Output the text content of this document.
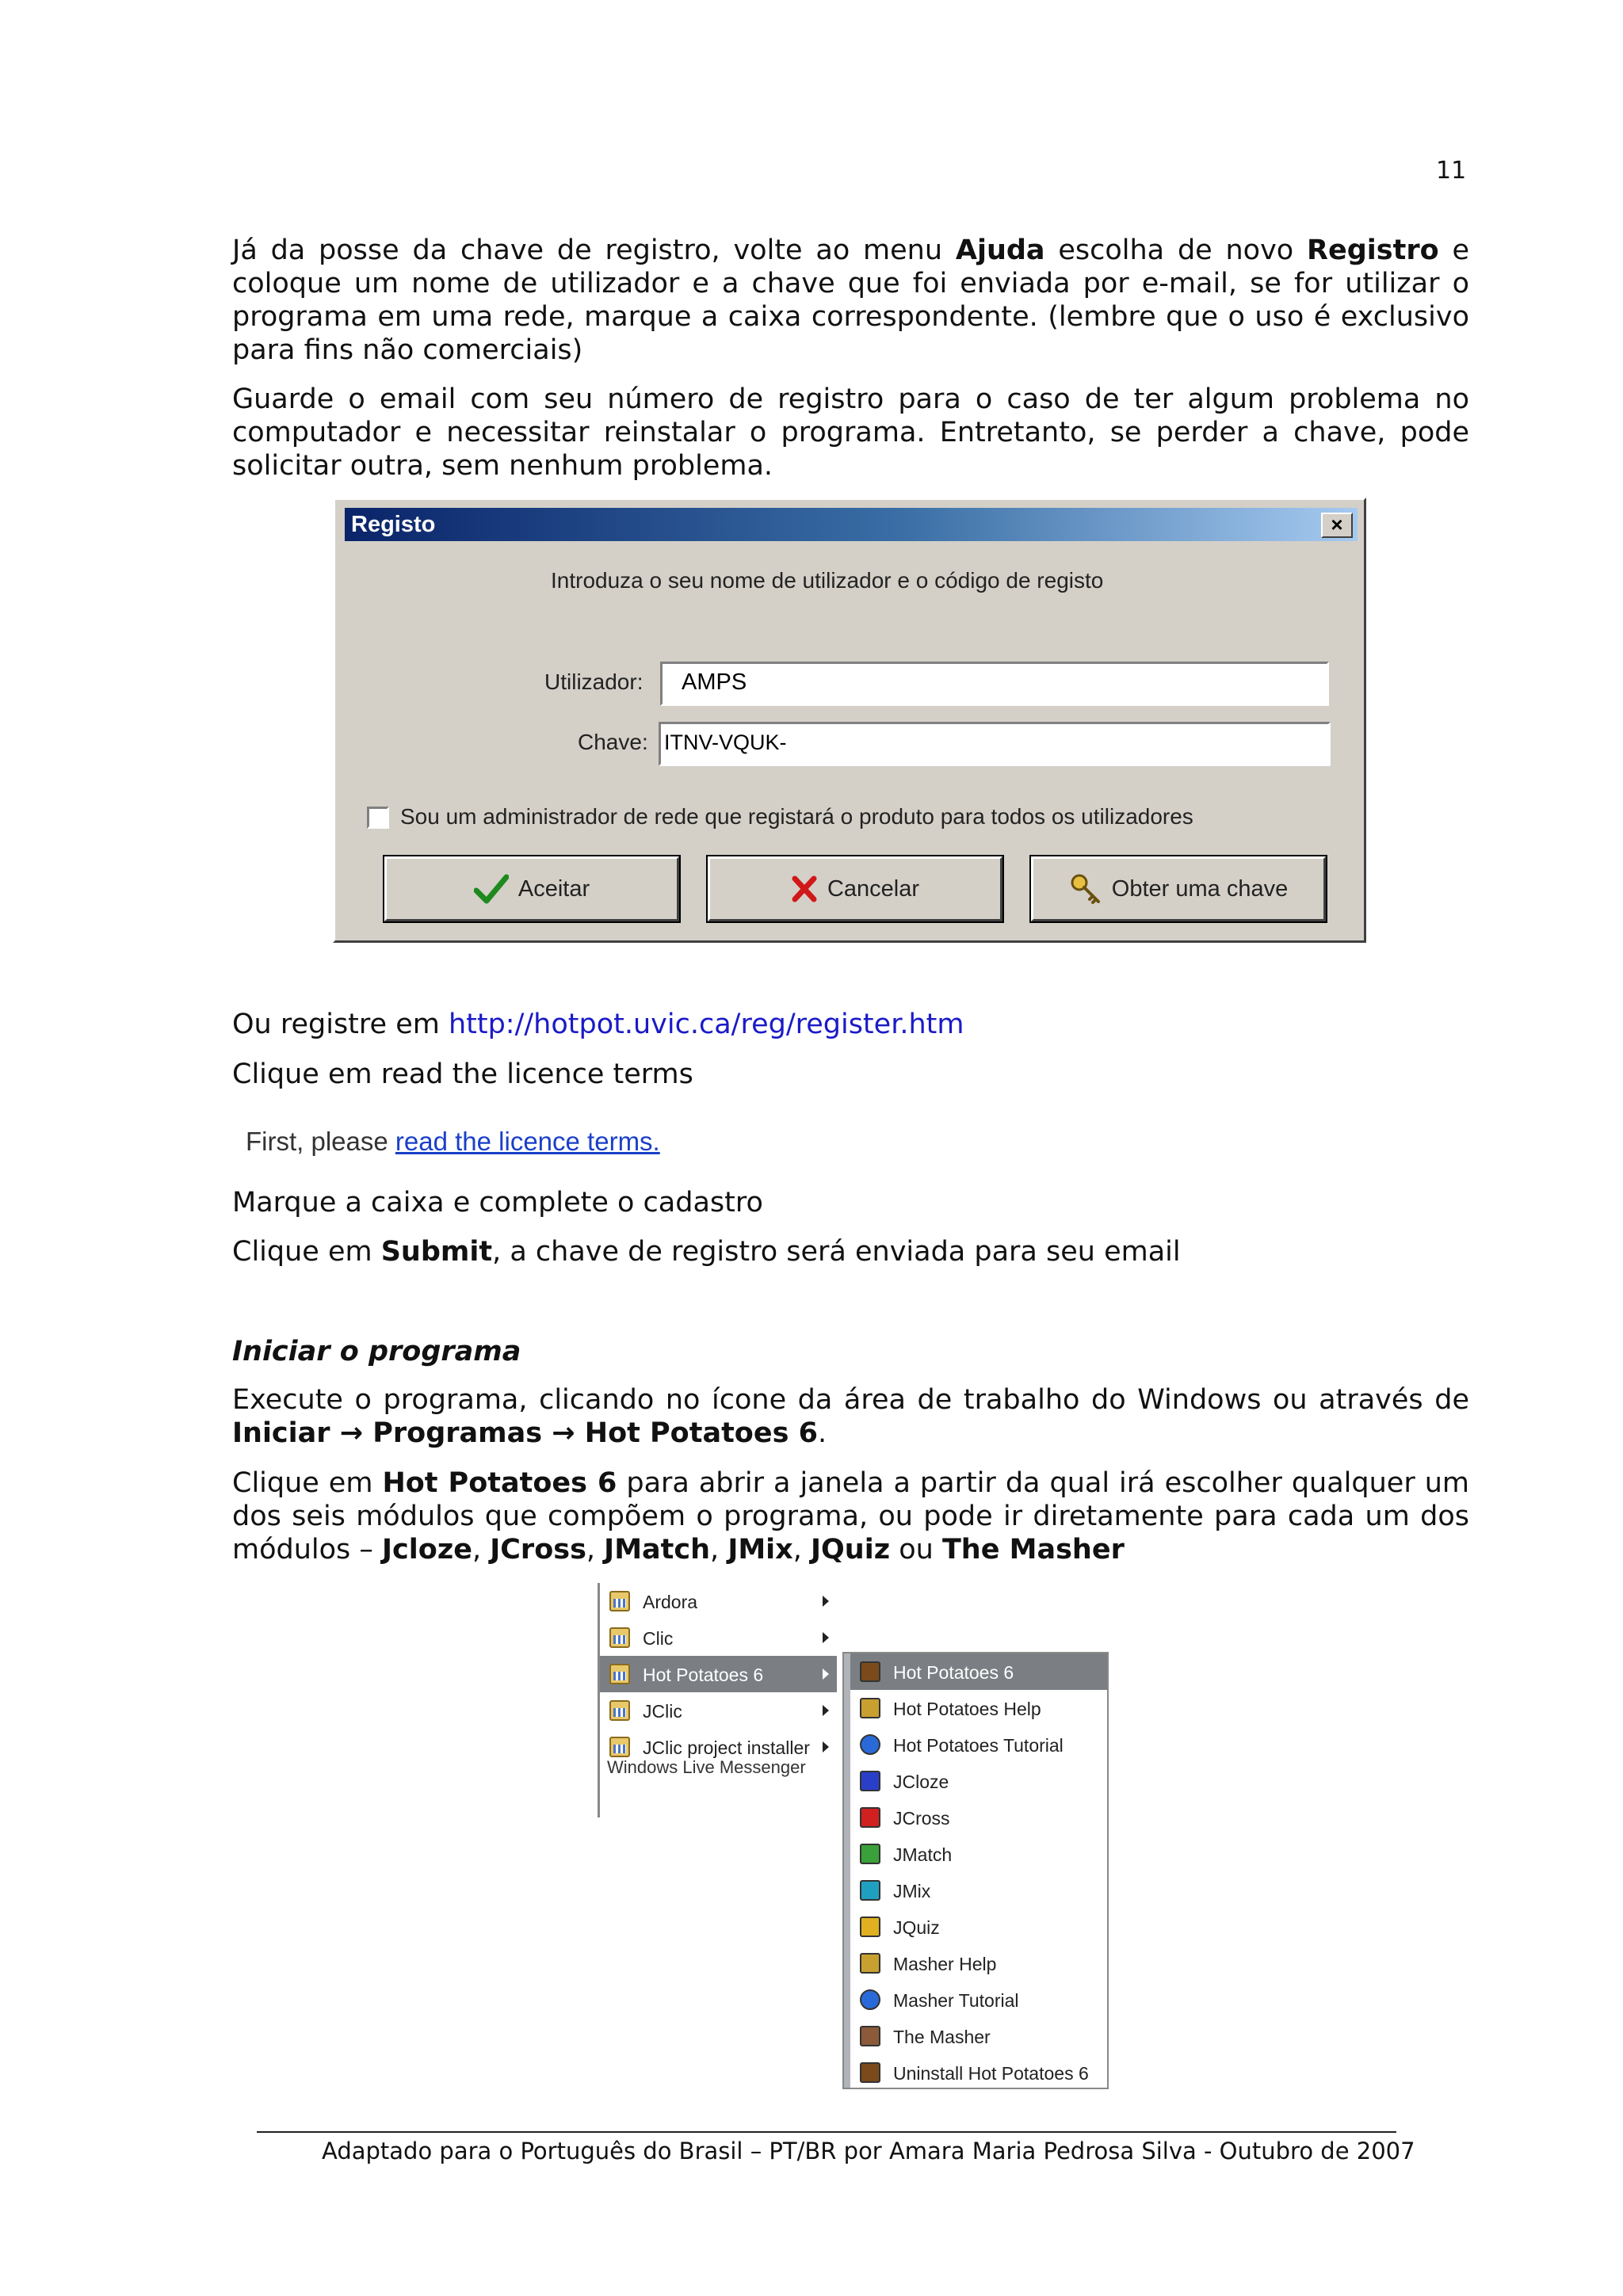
11

Já da posse da chave de registro, volte ao menu Ajuda escolha de novo Registro e coloque um nome de utilizador e a chave que foi enviada por e-mail, se for utilizar o programa em uma rede, marque a caixa correspondente. (lembre que o uso é exclusivo para fins não comerciais)

Guarde o email com seu número de registro para o caso de ter algum problema no computador e necessitar reinstalar o programa. Entretanto, se perder a chave, pode solicitar outra, sem nenhum problema.

Registo	×
Introduza o seu nome de utilizador e o código de registo
Utilizador:	AMPS
Chave: ITNV-VQUK-
Sou um administrador de rede que registará o produto para todos os utilizadores
Aceitar	Cancelar	Obter uma chave
Ou registre em http://hotpot.uvic.ca/reg/register.htm
Clique em read the licence terms
First, please read the licence terms.
Marque a caixa e complete o cadastro
Clique em Submit, a chave de registro será enviada para seu email
Iniciar o programa

Execute o programa, clicando no ícone da área de trabalho do Windows ou através de Iniciar → Programas → Hot Potatoes 6.

Clique em Hot Potatoes 6 para abrir a janela a partir da qual irá escolher qualquer um dos seis módulos que compõem o programa, ou pode ir diretamente para cada um dos módulos – Jcloze, JCross, JMatch, JMix, JQuiz ou The Masher

Ardora
Clic
Hot Potatoes 6
JClic
JClic project installer
Windows Live Messenger
Hot Potatoes 6
Hot Potatoes Help
Hot Potatoes Tutorial
JCloze
JCross
JMatch
JMix
JQuiz
Masher Help
Masher Tutorial
The Masher
Uninstall Hot Potatoes 6
Adaptado para o Português do Brasil – PT/BR por Amara Maria Pedrosa Silva - Outubro de 2007
